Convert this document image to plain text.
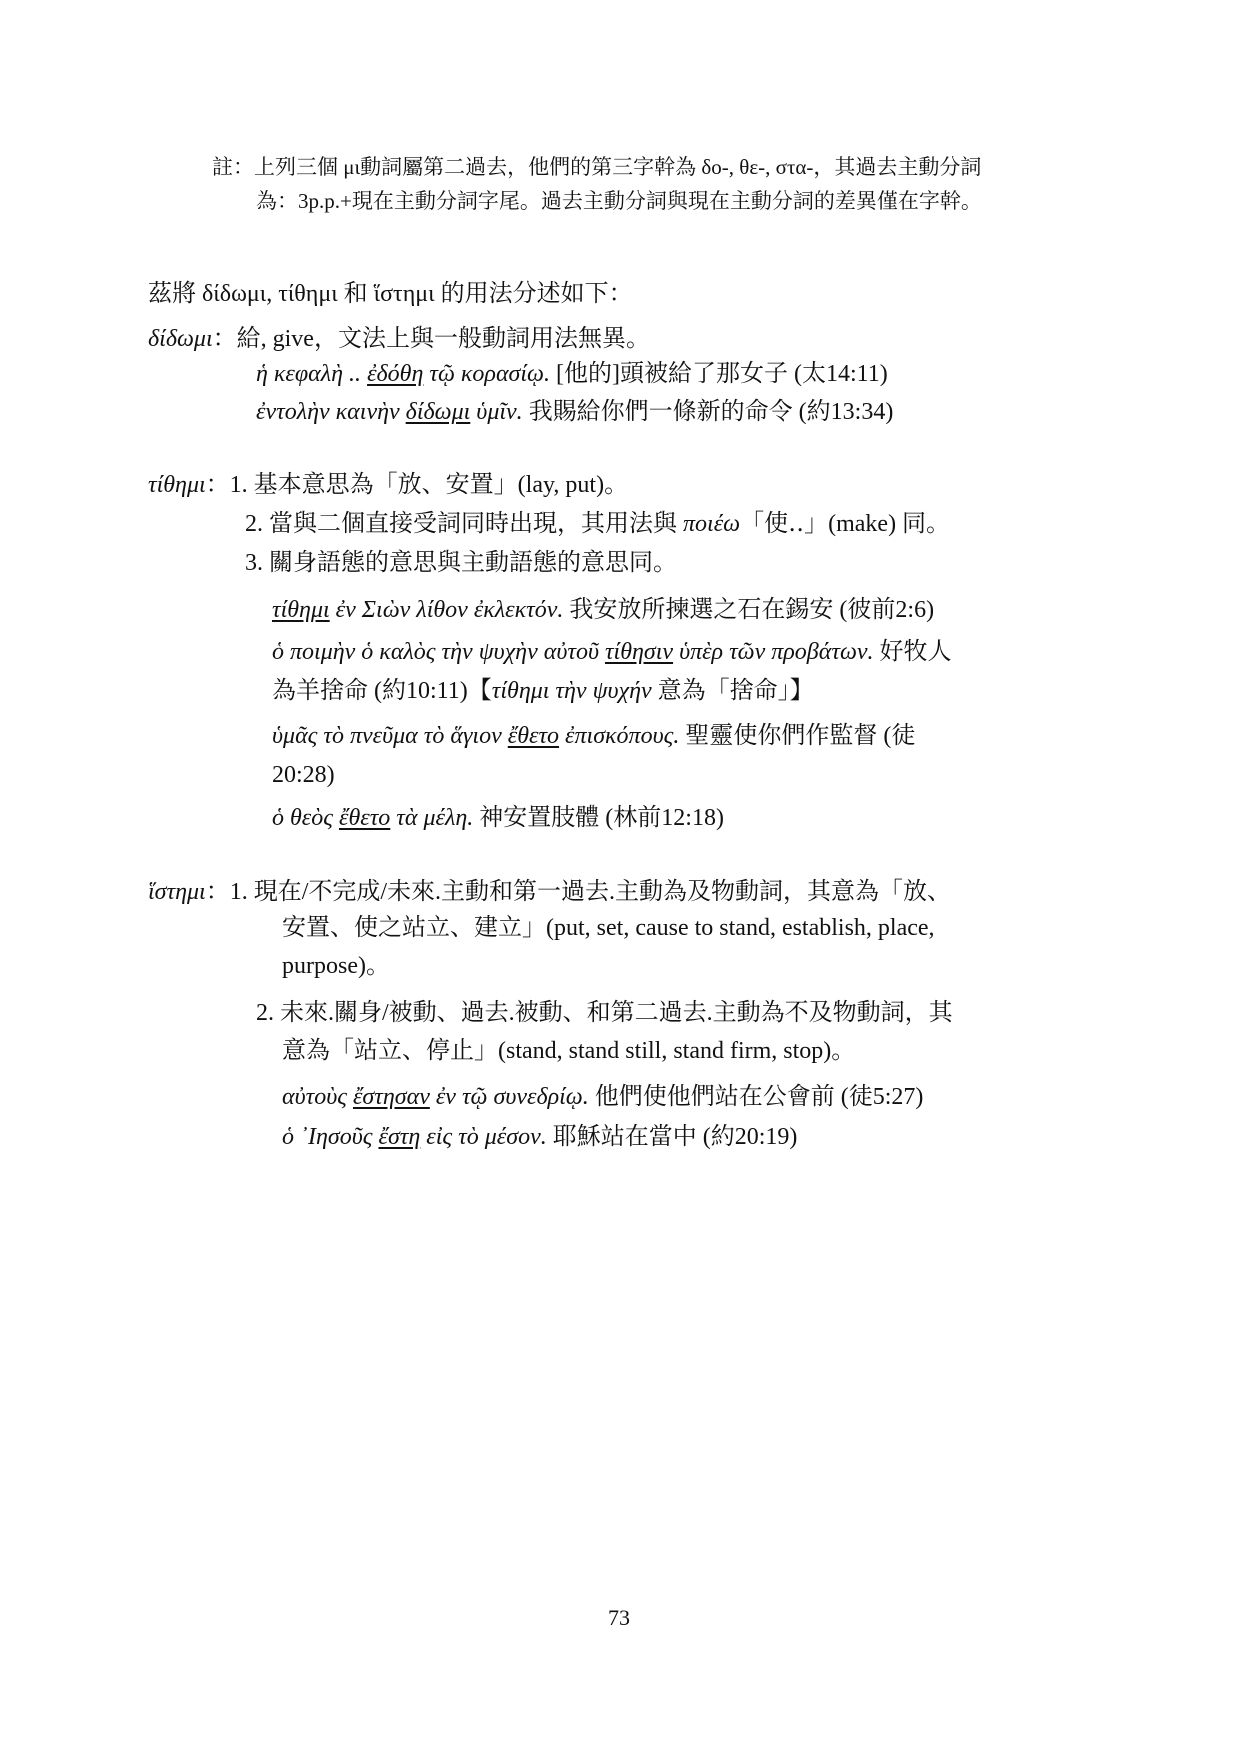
註：上列三個 μι動詞屬第二過去，他們的第三字幹為 δο-, θε-, στα-，其過去主動分詞
為：3p.p.+現在主動分詞字尾。過去主動分詞與現在主動分詞的差異僅在字幹。
茲將 δίδωμι, τίθημι 和 ἵστημι 的用法分述如下：
δίδωμι：給, give，文法上與一般動詞用法無異。
ἡ κεφαλὴ .. ἐδόθη τῷ κορασίῳ. [他的]頭被給了那女子 (太14:11)
ἐντολὴν καινὴν δίδωμι ὑμῖν. 我賜給你們一條新的命令 (約13:34)
τίθημι：1. 基本意思為「放、安置」(lay, put)。
2. 當與二個直接受詞同時出現，其用法與 ποιέω「使‥」(make) 同。
3. 關身語態的意思與主動語態的意思同。
τίθημι ἐν Σιὼν λίθον ἐκλεκτόν. 我安放所揀選之石在錫安 (彼前2:6)
ὁ ποιμὴν ὁ καλὸς τὴν ψυχὴν αὐτοῦ τίθησιν ὑπὲρ τῶν προβάτων. 好牧人
為羊捨命 (約10:11)【τίθημι τὴν ψυχήν 意為「捨命」】
ὑμᾶς τὸ πνεῦμα τὸ ἅγιον ἔθετο ἐπισκόπους. 聖靈使你們作監督 (徒
20:28)
ὁ θεὸς ἔθετο τὰ μέλη. 神安置肢體 (林前12:18)
ἵστημι：1. 現在/不完成/未來.主動和第一過去.主動為及物動詞，其意為「放、
安置、使之站立、建立」(put, set, cause to stand, establish, place,
purpose)。
2. 未來.關身/被動、過去.被動、和第二過去.主動為不及物動詞，其
意為「站立、停止」(stand, stand still, stand firm, stop)。
αὐτοὺς ἔστησαν ἐν τῷ συνεδρίῳ. 他們使他們站在公會前 (徒5:27)
ὁ ᾿Ιησοῦς ἔστη εἰς τὸ μέσον. 耶穌站在當中 (約20:19)
73
